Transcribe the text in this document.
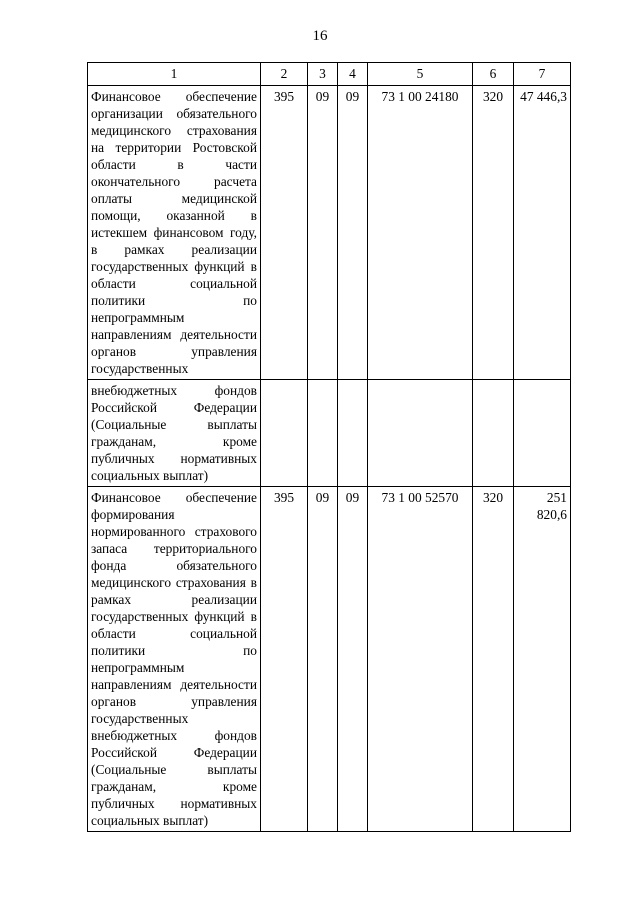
16
1	2	3	4	5	6	7
Финансовое обеспечение организации обязательного медицинского страхования на территории Ростовской области в части окончательного расчета оплаты медицинской помощи, оказанной в истекшем финансовом году, в рамках реализации государственных функций в области социальной политики по непрограммным направлениям деятельности органов управления государственных	395	09	09	73 1 00 24180	320	47 446,3
внебюджетных фондов Российской Федерации (Социальные выплаты гражданам, кроме публичных нормативных социальных выплат)						
Финансовое обеспечение формирования нормированного страхового запаса территориального фонда обязательного медицинского страхования в рамках реализации государственных функций в области социальной политики по непрограммным направлениям деятельности органов управления государственных внебюджетных фондов Российской Федерации (Социальные выплаты гражданам, кроме публичных нормативных социальных выплат)	395	09	09	73 1 00 52570	320	251 820,6
